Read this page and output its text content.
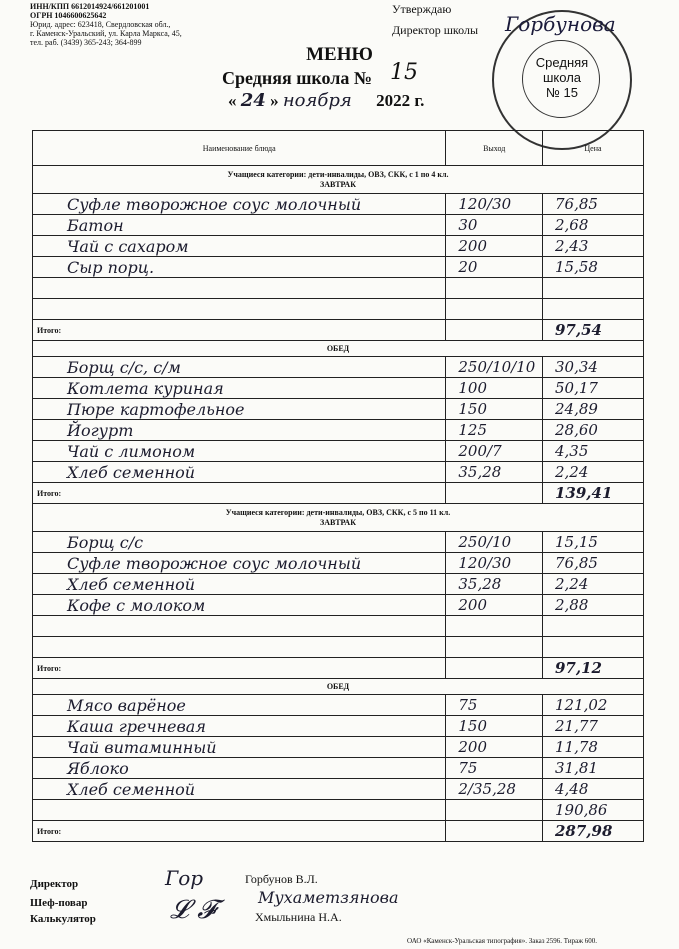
ИНН/КПП 6612014924/661201001
ОГРН 1046600625642
Юрид. адрес: 623418, Свердловская обл.,
г. Каменск-Уральский, ул. Карла Маркса, 45,
тел. раб. (3439) 365-243; 364-899
Утверждаю
Директор школы
Средняя
школа
№ 15
Горбунова
МЕНЮ
Средняя школа № 15
« 24 » ноября 2022 г.
Наименование блюда	Выход	Цена

Учащиеся категории: дети-инвалиды, ОВЗ, СКК, с 1 по 4 кл.
ЗАВТРАК		

Суфле творожное соус молочный	120/30	76,85
Батон	30	2,68
Чай с сахаром	200	2,43
Сыр порц.	20	15,58

Итого:		97,54
ОБЕД		
Борщ с/с, с/м	250/10/10	30,34
Котлета куриная	100	50,17
Пюре картофельное	150	24,89
Йогурт	125	28,60
Чай с лимоном	200/7	4,35
Хлеб семенной	35,28	2,24
Итого:		139,41

Учащиеся категории: дети-инвалиды, ОВЗ, СКК, с 5 по 11 кл.
ЗАВТРАК		

Борщ с/с	250/10	15,15
Суфле творожное соус молочный	120/30	76,85
Хлеб семенной	35,28	2,24
Кофе с молоком	200	2,88

Итого:		97,12
ОБЕД		
Мясо варёное	75	121,02
Каша гречневая	150	21,77
Чай витаминный	200	11,78
Яблоко	75	31,81
Хлеб семенной	2/35,28	4,48
		190,86
Итого:		287,98
Директор	Гор	Горбунов В.Л.
Шеф-повар	Мухаметзянова
Калькулятор	𝓛 𝓕	Хмыльнина Н.А.
ОАО «Каменск-Уральская типография». Заказ 2596. Тираж 600.
